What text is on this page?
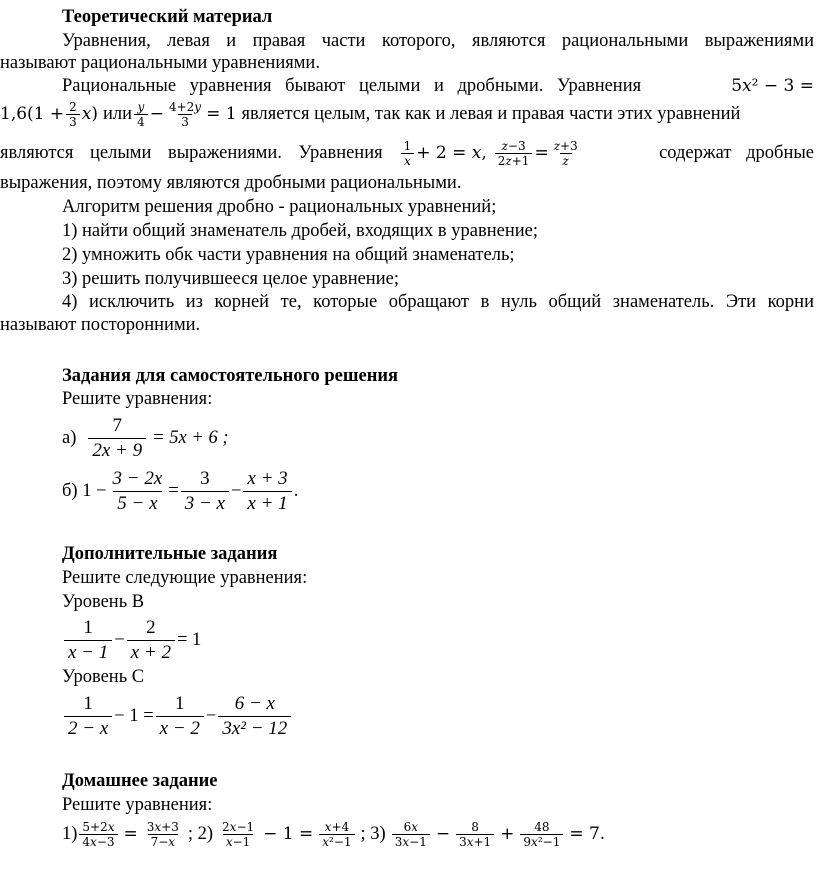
Теоретический материал
Уравнения, левая и правая части которого, являются рациональными выражениями
называют рациональными уравнениями.
Рациональные уравнения бывают целыми и дробными. Уравнения	5𝑥² − 3 =
$1,6(1 + \frac{2}{3}$ 𝑥) или $\frac{\text{𝑦}}{4} - \frac{\text{4+2𝑦}}{3} = 1$ является целым, так как и левая и правая части этих уравнений
являются целыми выражениями. Уравнения $\frac{1}{\text{𝑥}} + 2$ = 𝑥, $\frac{\text{𝑧−3}}{\text{2𝑧+1}} = \frac{\text{𝑧+3}}{\text{𝑧}}$	содержат дробные
выражения, поэтому являются дробными рациональными.
Алгоритм решения дробно - рациональных уравнений;
1) найти общий знаменатель дробей, входящих в уравнение;
2) умножить обк части уравнения на общий знаменатель;
3) решить получившееся целое уравнение;
4) исключить из корней те, которые обращают в нуль общий знаменатель. Эти корни
называют посторонними.
Задания для самостоятельного решения
Решите уравнения:
$а) \frac{7}{2x + 9} = 5x + 6$ ;
б) $1 - \frac{3 - 2x}{5 - x} = \frac{3}{3 - x} - \frac{x + 3}{x + 1}$ .
Дополнительные задания
Решите следующие уравнения:
Уровень В
$\frac{1}{x - 1} - \frac{2}{x + 2} = 1$
Уровень С
$\frac{1}{2 - x} - 1 = \frac{1}{x - 2} - \frac{6 - x}{\text{3x² − 12}}$
Домашнее задание
Решите уравнения:
$1) \frac{\text{5+2𝑥}}{\text{4𝑥−3}} = \frac{\text{3𝑥+3}}{\text{7−𝑥}}$ ; $2) \frac{\text{2𝑥−1}}{\text{𝑥−1}} - 1 = \frac{\text{𝑥+4}}{\text{𝑥²−1}}$ ; $3) \frac{\text{6𝑥}}{\text{3𝑥−1}} - \frac{8}{\text{3𝑥+1}} + \frac{48}{\text{9𝑥²−1}} = 7$.
